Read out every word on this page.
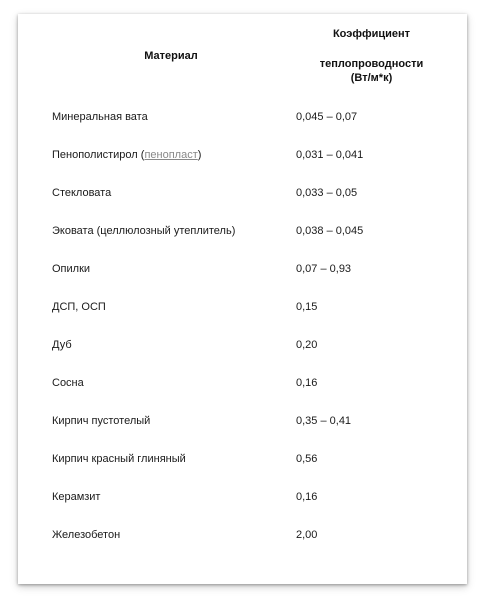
Материал	Коэффициент
теплопроводности
(Вт/м*к)

Минеральная вата	0,045 – 0,07
Пенополистирол (пенопласт)	0,031 – 0,041
Стекловата	0,033 – 0,05
Эковата (целлюлозный утеплитель)	0,038 – 0,045
Опилки	0,07 – 0,93
ДСП, ОСП	0,15
Дуб	0,20
Сосна	0,16
Кирпич пустотелый	0,35 – 0,41
Кирпич красный глиняный	0,56
Керамзит	0,16
Железобетон	2,00
